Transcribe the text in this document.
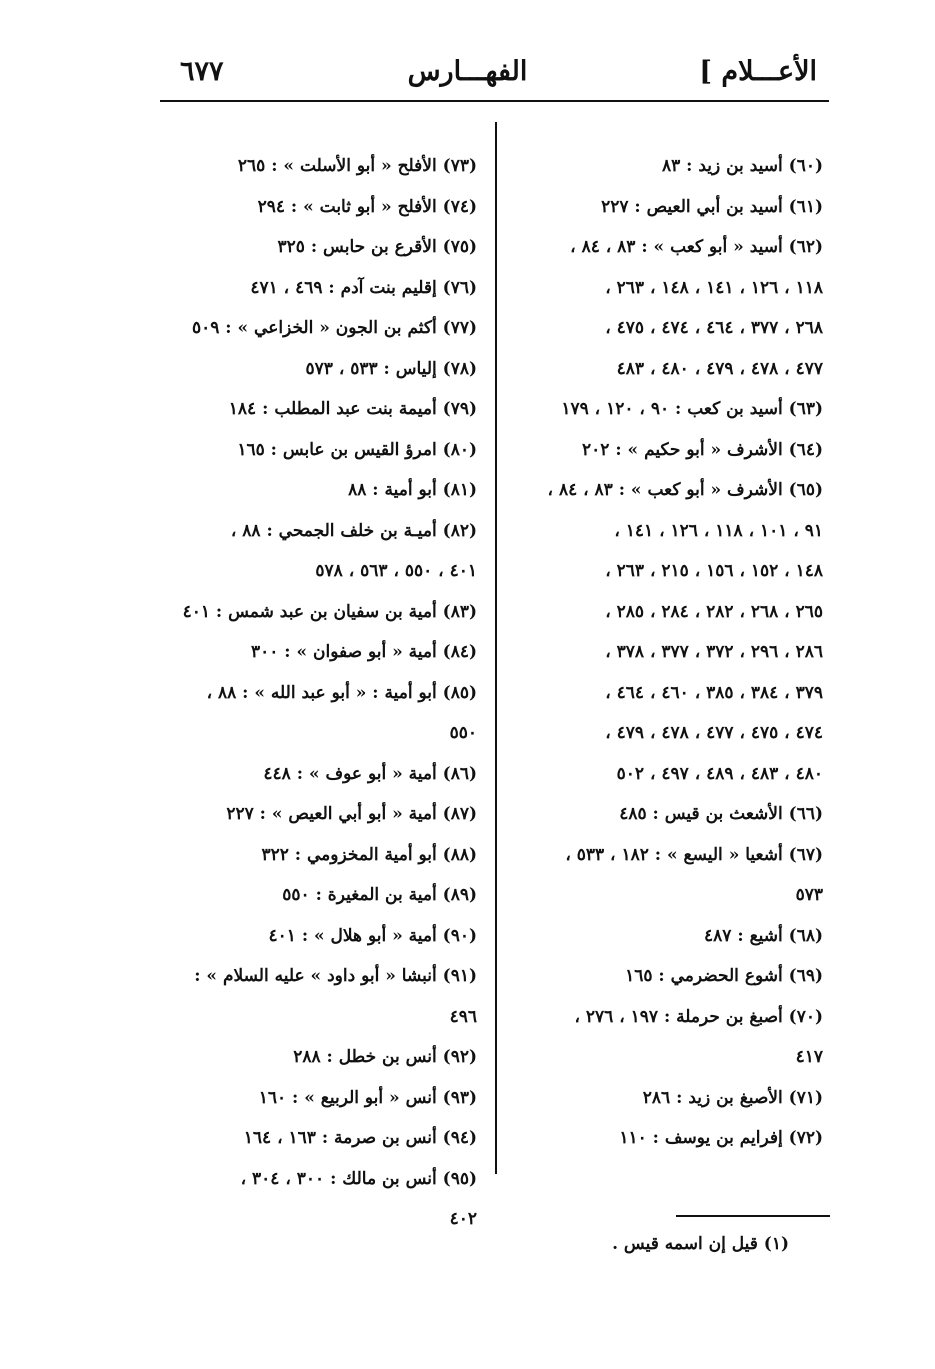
الأعـــلام ]
الفهـــارس
٦٧٧
(٦٠) أسيد بن زيد : ٨٣
(٦١) أسيد بن أبي العيص : ٢٢٧
(٦٢) أسيد « أبو كعب » : ٨٣ ، ٨٤ ،
١١٨ ، ١٢٦ ، ١٤١ ، ١٤٨ ، ٢٦٣ ،
٢٦٨ ، ٣٧٧ ، ٤٦٤ ، ٤٧٤ ، ٤٧٥ ،
٤٧٧ ، ٤٧٨ ، ٤٧٩ ، ٤٨٠ ، ٤٨٣
(٦٣) أسيد بن كعب : ٩٠ ، ١٢٠ ، ١٧٩
(٦٤) الأشرف « أبو حكيم » : ٢٠٢
(٦٥) الأشرف « أبو كعب » : ٨٣ ، ٨٤ ،
٩١ ، ١٠١ ، ١١٨ ، ١٢٦ ، ١٤١ ،
١٤٨ ، ١٥٢ ، ١٥٦ ، ٢١٥ ، ٢٦٣ ،
٢٦٥ ، ٢٦٨ ، ٢٨٢ ، ٢٨٤ ، ٢٨٥ ،
٢٨٦ ، ٢٩٦ ، ٣٧٢ ، ٣٧٧ ، ٣٧٨ ،
٣٧٩ ، ٣٨٤ ، ٣٨٥ ، ٤٦٠ ، ٤٦٤ ،
٤٧٤ ، ٤٧٥ ، ٤٧٧ ، ٤٧٨ ، ٤٧٩ ،
٤٨٠ ، ٤٨٣ ، ٤٨٩ ، ٤٩٧ ، ٥٠٢
(٦٦) الأشعث بن قيس : ٤٨٥
(٦٧) أشعيا « اليسع » : ١٨٢ ، ٥٣٣ ،
٥٧٣
(٦٨) أشيع : ٤٨٧
(٦٩) أشوع الحضرمي : ١٦٥
(٧٠) أصبغ بن حرملة : ١٩٧ ، ٢٧٦ ،
٤١٧
(٧١) الأصبغ بن زيد : ٢٨٦
(٧٢) إفرايم بن يوسف : ١١٠
(٧٣) الأفلح « أبو الأسلت » : ٢٦٥
(٧٤) الأفلح « أبو ثابت » : ٢٩٤
(٧٥) الأقرع بن حابس : ٣٢٥
(٧٦) إقليم بنت آدم : ٤٦٩ ، ٤٧١
(٧٧) أكثم بن الجون « الخزاعي » : ٥٠٩
(٧٨) إلياس : ٥٣٣ ، ٥٧٣
(٧٩) أميمة بنت عبد المطلب : ١٨٤
(٨٠) امرؤ القيس بن عابس : ١٦٥
(٨١) أبو أمية : ٨٨
(٨٢) أميـة بن خلف الجمحي : ٨٨ ،
٤٠١ ، ٥٥٠ ، ٥٦٣ ، ٥٧٨
(٨٣) أمية بن سفيان بن عبد شمس : ٤٠١
(٨٤) أمية « أبو صفوان » : ٣٠٠
(٨٥) أبو أمية : « أبو عبد الله » : ٨٨ ،
٥٥٠
(٨٦) أمية « أبو عوف » : ٤٤٨
(٨٧) أمية « أبو أبي العيص » : ٢٢٧
(٨٨) أبو أمية المخزومي : ٣٢٢
(٨٩) أمية بن المغيرة : ٥٥٠
(٩٠) أمية « أبو هلال » : ٤٠١
(٩١) أنبشا « أبو داود » عليه السلام » :
٤٩٦
(٩٢) أنس بن خطل : ٢٨٨
(٩٣) أنس « أبو الربيع » : ١٦٠
(٩٤) أنس بن صرمة : ١٦٣ ، ١٦٤
(٩٥) أنس بن مالك : ٣٠٠ ، ٣٠٤ ،
٤٠٢
(١) قيل إن اسمه قيس .
